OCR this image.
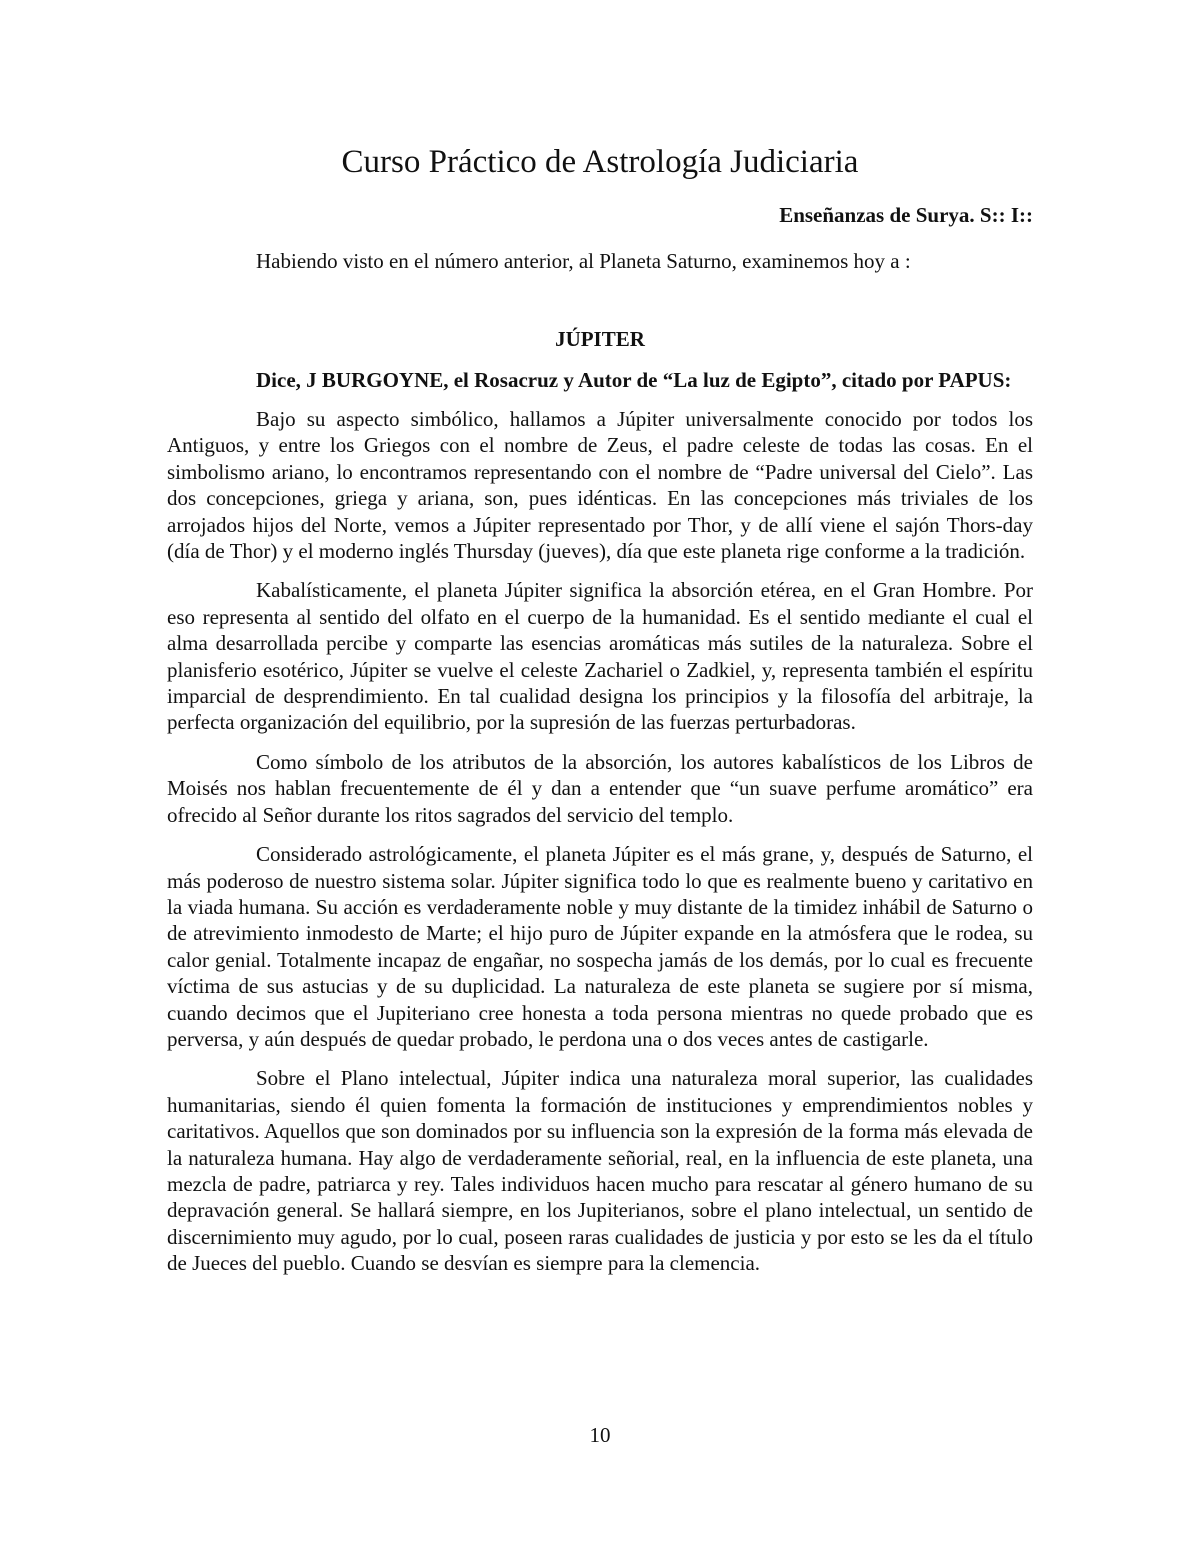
Curso Práctico de Astrología Judiciaria

Enseñanzas de Surya. S:: I::

Habiendo visto en el número anterior, al Planeta Saturno, examinemos hoy a :

JÚPITER

Dice, J BURGOYNE, el Rosacruz y Autor de “La luz de Egipto”, citado por PAPUS:

Bajo su aspecto simbólico, hallamos a Júpiter universalmente conocido por todos los Antiguos, y entre los Griegos con el nombre de Zeus, el padre celeste de todas las cosas. En el simbolismo ariano, lo encontramos representando con el nombre de “Padre universal del Cielo”. Las dos concepciones, griega y ariana, son, pues idénticas. En las concepciones más triviales de los arrojados hijos del Norte, vemos a Júpiter representado por Thor, y de allí viene el sajón Thors-day (día de Thor) y el moderno inglés Thursday (jueves), día que este planeta rige conforme a la tradición.

Kabalísticamente, el planeta Júpiter significa la absorción etérea, en el Gran Hombre. Por eso representa al sentido del olfato en el cuerpo de la humanidad. Es el sentido mediante el cual el alma desarrollada percibe y comparte las esencias aromáticas más sutiles de la naturaleza. Sobre el planisferio esotérico, Júpiter se vuelve el celeste Zachariel o Zadkiel, y, representa también el espíritu imparcial de desprendimiento. En tal cualidad designa los principios y la filosofía del arbitraje, la perfecta organización del equilibrio, por la supresión de las fuerzas perturbadoras.

Como símbolo de los atributos de la absorción, los autores kabalísticos de los Libros de Moisés nos hablan frecuentemente de él y dan a entender que “un suave perfume aromático” era ofrecido al Señor durante los ritos sagrados del servicio del templo.

Considerado astrológicamente, el planeta Júpiter es el más grane, y, después de Saturno, el más poderoso de nuestro sistema solar. Júpiter significa todo lo que es realmente bueno y caritativo en la viada humana. Su acción es verdaderamente noble y muy distante de la timidez inhábil de Saturno o de atrevimiento inmodesto de Marte; el hijo puro de Júpiter expande en la atmósfera que le rodea, su calor genial. Totalmente incapaz de engañar, no sospecha jamás de los demás, por lo cual es frecuente víctima de sus astucias y de su duplicidad. La naturaleza de este planeta se sugiere por sí misma, cuando decimos que el Jupiteriano cree honesta a toda persona mientras no quede probado que es perversa, y aún después de quedar probado, le perdona una o dos veces antes de castigarle.

Sobre el Plano intelectual, Júpiter indica una naturaleza moral superior, las cualidades humanitarias, siendo él quien fomenta la formación de instituciones y emprendimientos nobles y caritativos. Aquellos que son dominados por su influencia son la expresión de la forma más elevada de la naturaleza humana. Hay algo de verdaderamente señorial, real, en la influencia de este planeta, una mezcla de padre, patriarca y rey. Tales individuos hacen mucho para rescatar al género humano de su depravación general. Se hallará siempre, en los Jupiterianos, sobre el plano intelectual, un sentido de discernimiento muy agudo, por lo cual, poseen raras cualidades de justicia y por esto se les da el título de Jueces del pueblo. Cuando se desvían es siempre para la clemencia.

10
